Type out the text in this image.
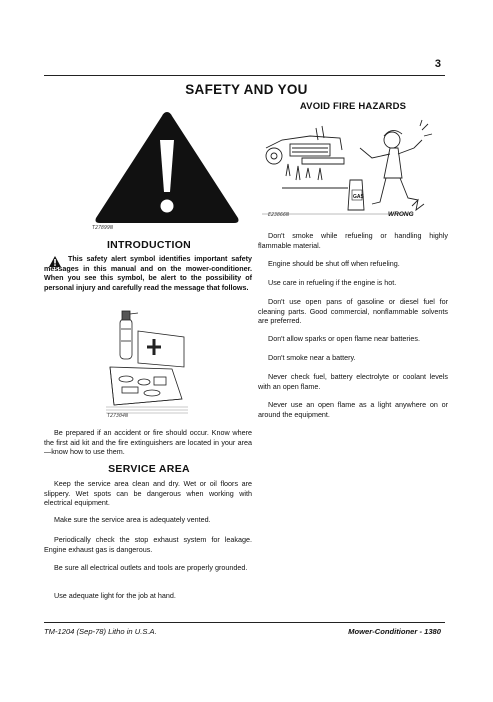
3
SAFETY AND YOU
T27899N
INTRODUCTION
This safety alert symbol identifies important safety messages in this manual and on the mower-conditioner. When you see this symbol, be alert to the possibility of personal injury and carefully read the message that follows.
T27304N
Be prepared if an accident or fire should occur. Know where the first aid kit and the fire extinguishers are located in your area—know how to use them.
SERVICE AREA
Keep the service area clean and dry. Wet or oil floors are slippery. Wet spots can be dangerous when working with electrical equipment.
Make sure the service area is adequately vented.
Periodically check the stop exhaust system for leakage. Engine exhaust gas is dangerous.
Be sure all electrical outlets and tools are properly grounded.
Use adequate light for the job at hand.
AVOID FIRE HAZARDS
GAS
E23866N	WRONG
Don't smoke while refueling or handling highly flammable material.
Engine should be shut off when refueling.
Use care in refueling if the engine is hot.
Don't use open pans of gasoline or diesel fuel for cleaning parts. Good commercial, nonflammable solvents are preferred.
Don't allow sparks or open flame near batteries.
Don't smoke near a battery.
Never check fuel, battery electrolyte or coolant levels with an open flame.
Never use an open flame as a light anywhere on or around the equipment.
TM-1204 (Sep-78) Litho in U.S.A.	Mower-Conditioner - 1380
